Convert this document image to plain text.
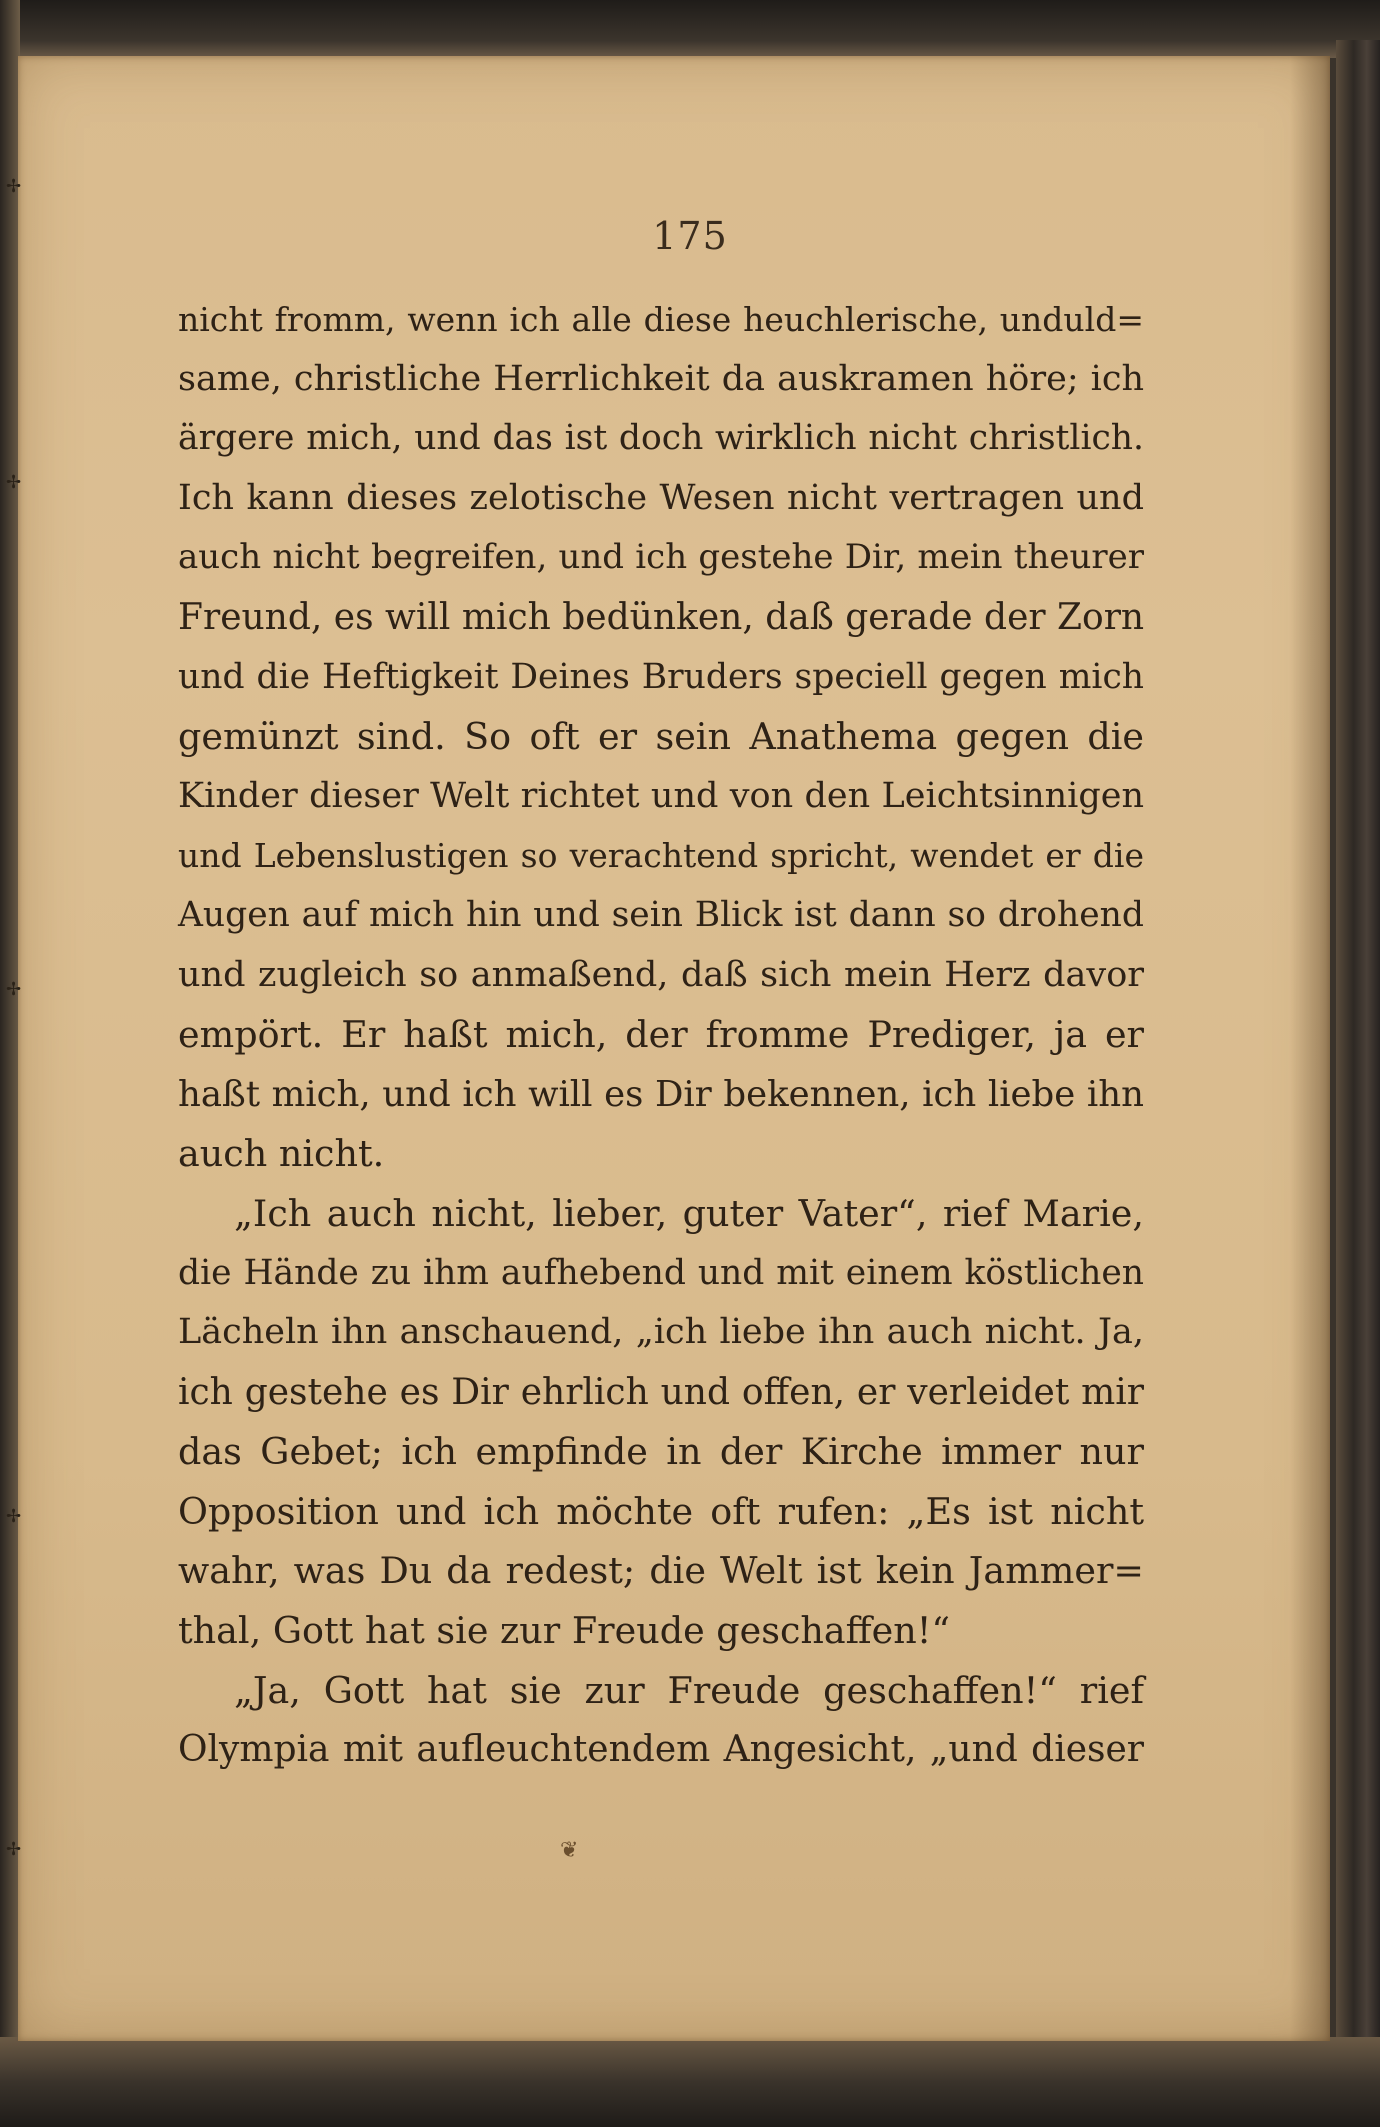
✢
✢
✢
✢
✢
175

nicht fromm, wenn ich alle diese heuchlerische, unduld=
same, christliche Herrlichkeit da auskramen höre; ich
ärgere mich, und das ist doch wirklich nicht christlich.
Ich kann dieses zelotische Wesen nicht vertragen und
auch nicht begreifen, und ich gestehe Dir, mein theurer
Freund, es will mich bedünken, daß gerade der Zorn
und die Heftigkeit Deines Bruders speciell gegen mich
gemünzt sind. So oft er sein Anathema gegen die
Kinder dieser Welt richtet und von den Leichtsinnigen
und Lebenslustigen so verachtend spricht, wendet er die
Augen auf mich hin und sein Blick ist dann so drohend
und zugleich so anmaßend, daß sich mein Herz davor
empört. Er haßt mich, der fromme Prediger, ja er
haßt mich, und ich will es Dir bekennen, ich liebe ihn
auch nicht.

„Ich auch nicht, lieber, guter Vater“, rief Marie,
die Hände zu ihm aufhebend und mit einem köstlichen
Lächeln ihn anschauend, „ich liebe ihn auch nicht. Ja,
ich gestehe es Dir ehrlich und offen, er verleidet mir
das Gebet; ich empfinde in der Kirche immer nur
Opposition und ich möchte oft rufen: „Es ist nicht
wahr, was Du da redest; die Welt ist kein Jammer=
thal, Gott hat sie zur Freude geschaffen!“

„Ja, Gott hat sie zur Freude geschaffen!“ rief
Olympia mit aufleuchtendem Angesicht, „und dieser

❦
